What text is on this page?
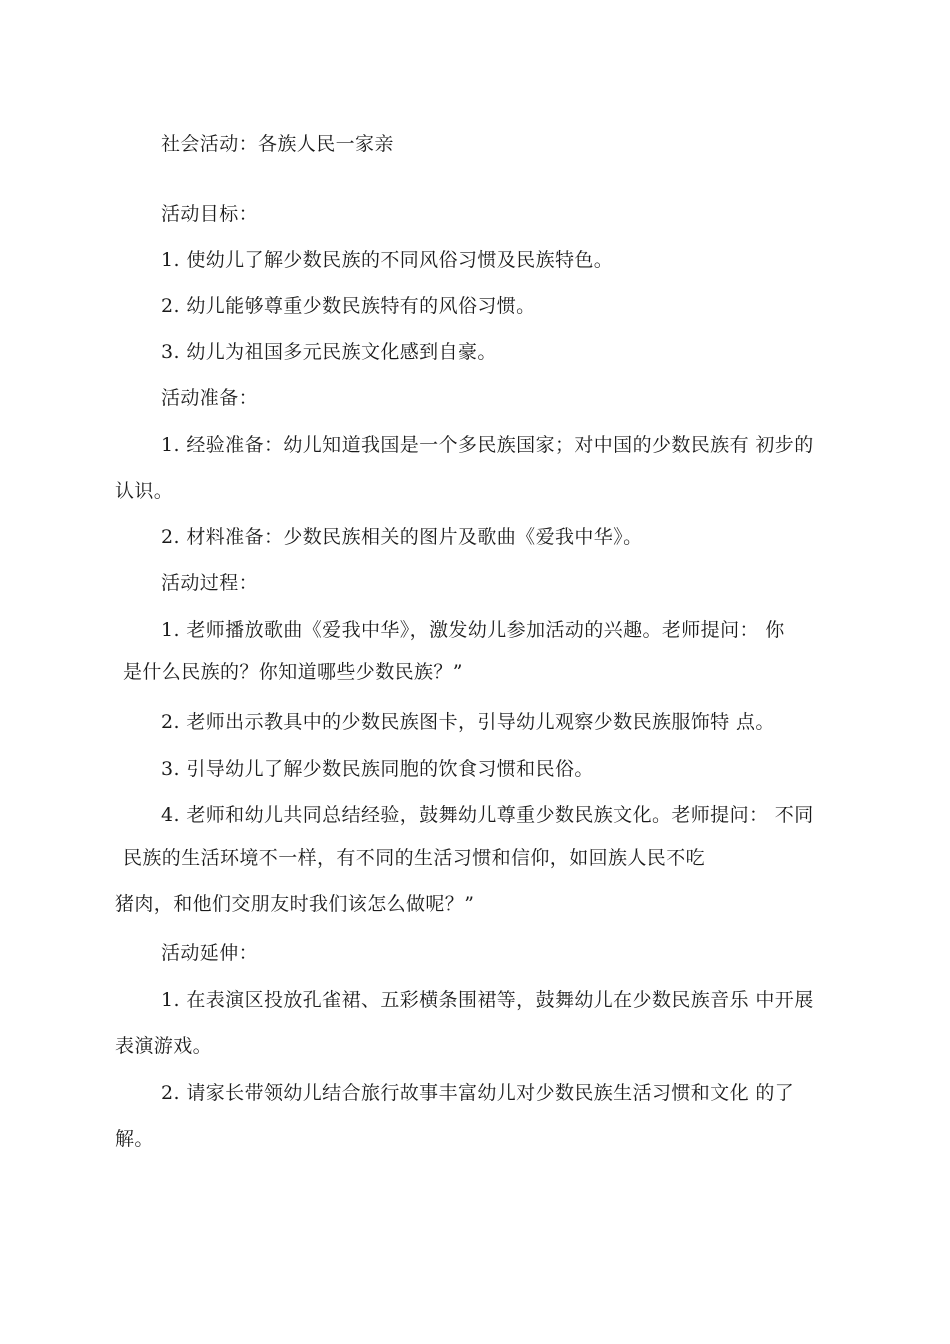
社会活动：各族人民一家亲
活动目标：
1. 使幼儿了解少数民族的不同风俗习惯及民族特色。
2. 幼儿能够尊重少数民族特有的风俗习惯。
3. 幼儿为祖国多元民族文化感到自豪。
活动准备：
1. 经验准备：幼儿知道我国是一个多民族国家；对中国的少数民族有 初步的
认识。
2. 材料准备：少数民族相关的图片及歌曲《爱我中华》。
活动过程：
1. 老师播放歌曲《爱我中华》，激发幼儿参加活动的兴趣。老师提问： 你
是什么民族的？你知道哪些少数民族？”
2. 老师出示教具中的少数民族图卡，引导幼儿观察少数民族服饰特 点。
3. 引导幼儿了解少数民族同胞的饮食习惯和民俗。
4. 老师和幼儿共同总结经验，鼓舞幼儿尊重少数民族文化。老师提问： 不同
民族的生活环境不一样，有不同的生活习惯和信仰，如回族人民不吃
猪肉，和他们交朋友时我们该怎么做呢？”
活动延伸：
1. 在表演区投放孔雀裙、五彩横条围裙等，鼓舞幼儿在少数民族音乐 中开展
表演游戏。
2. 请家长带领幼儿结合旅行故事丰富幼儿对少数民族生活习惯和文化 的了
解。
